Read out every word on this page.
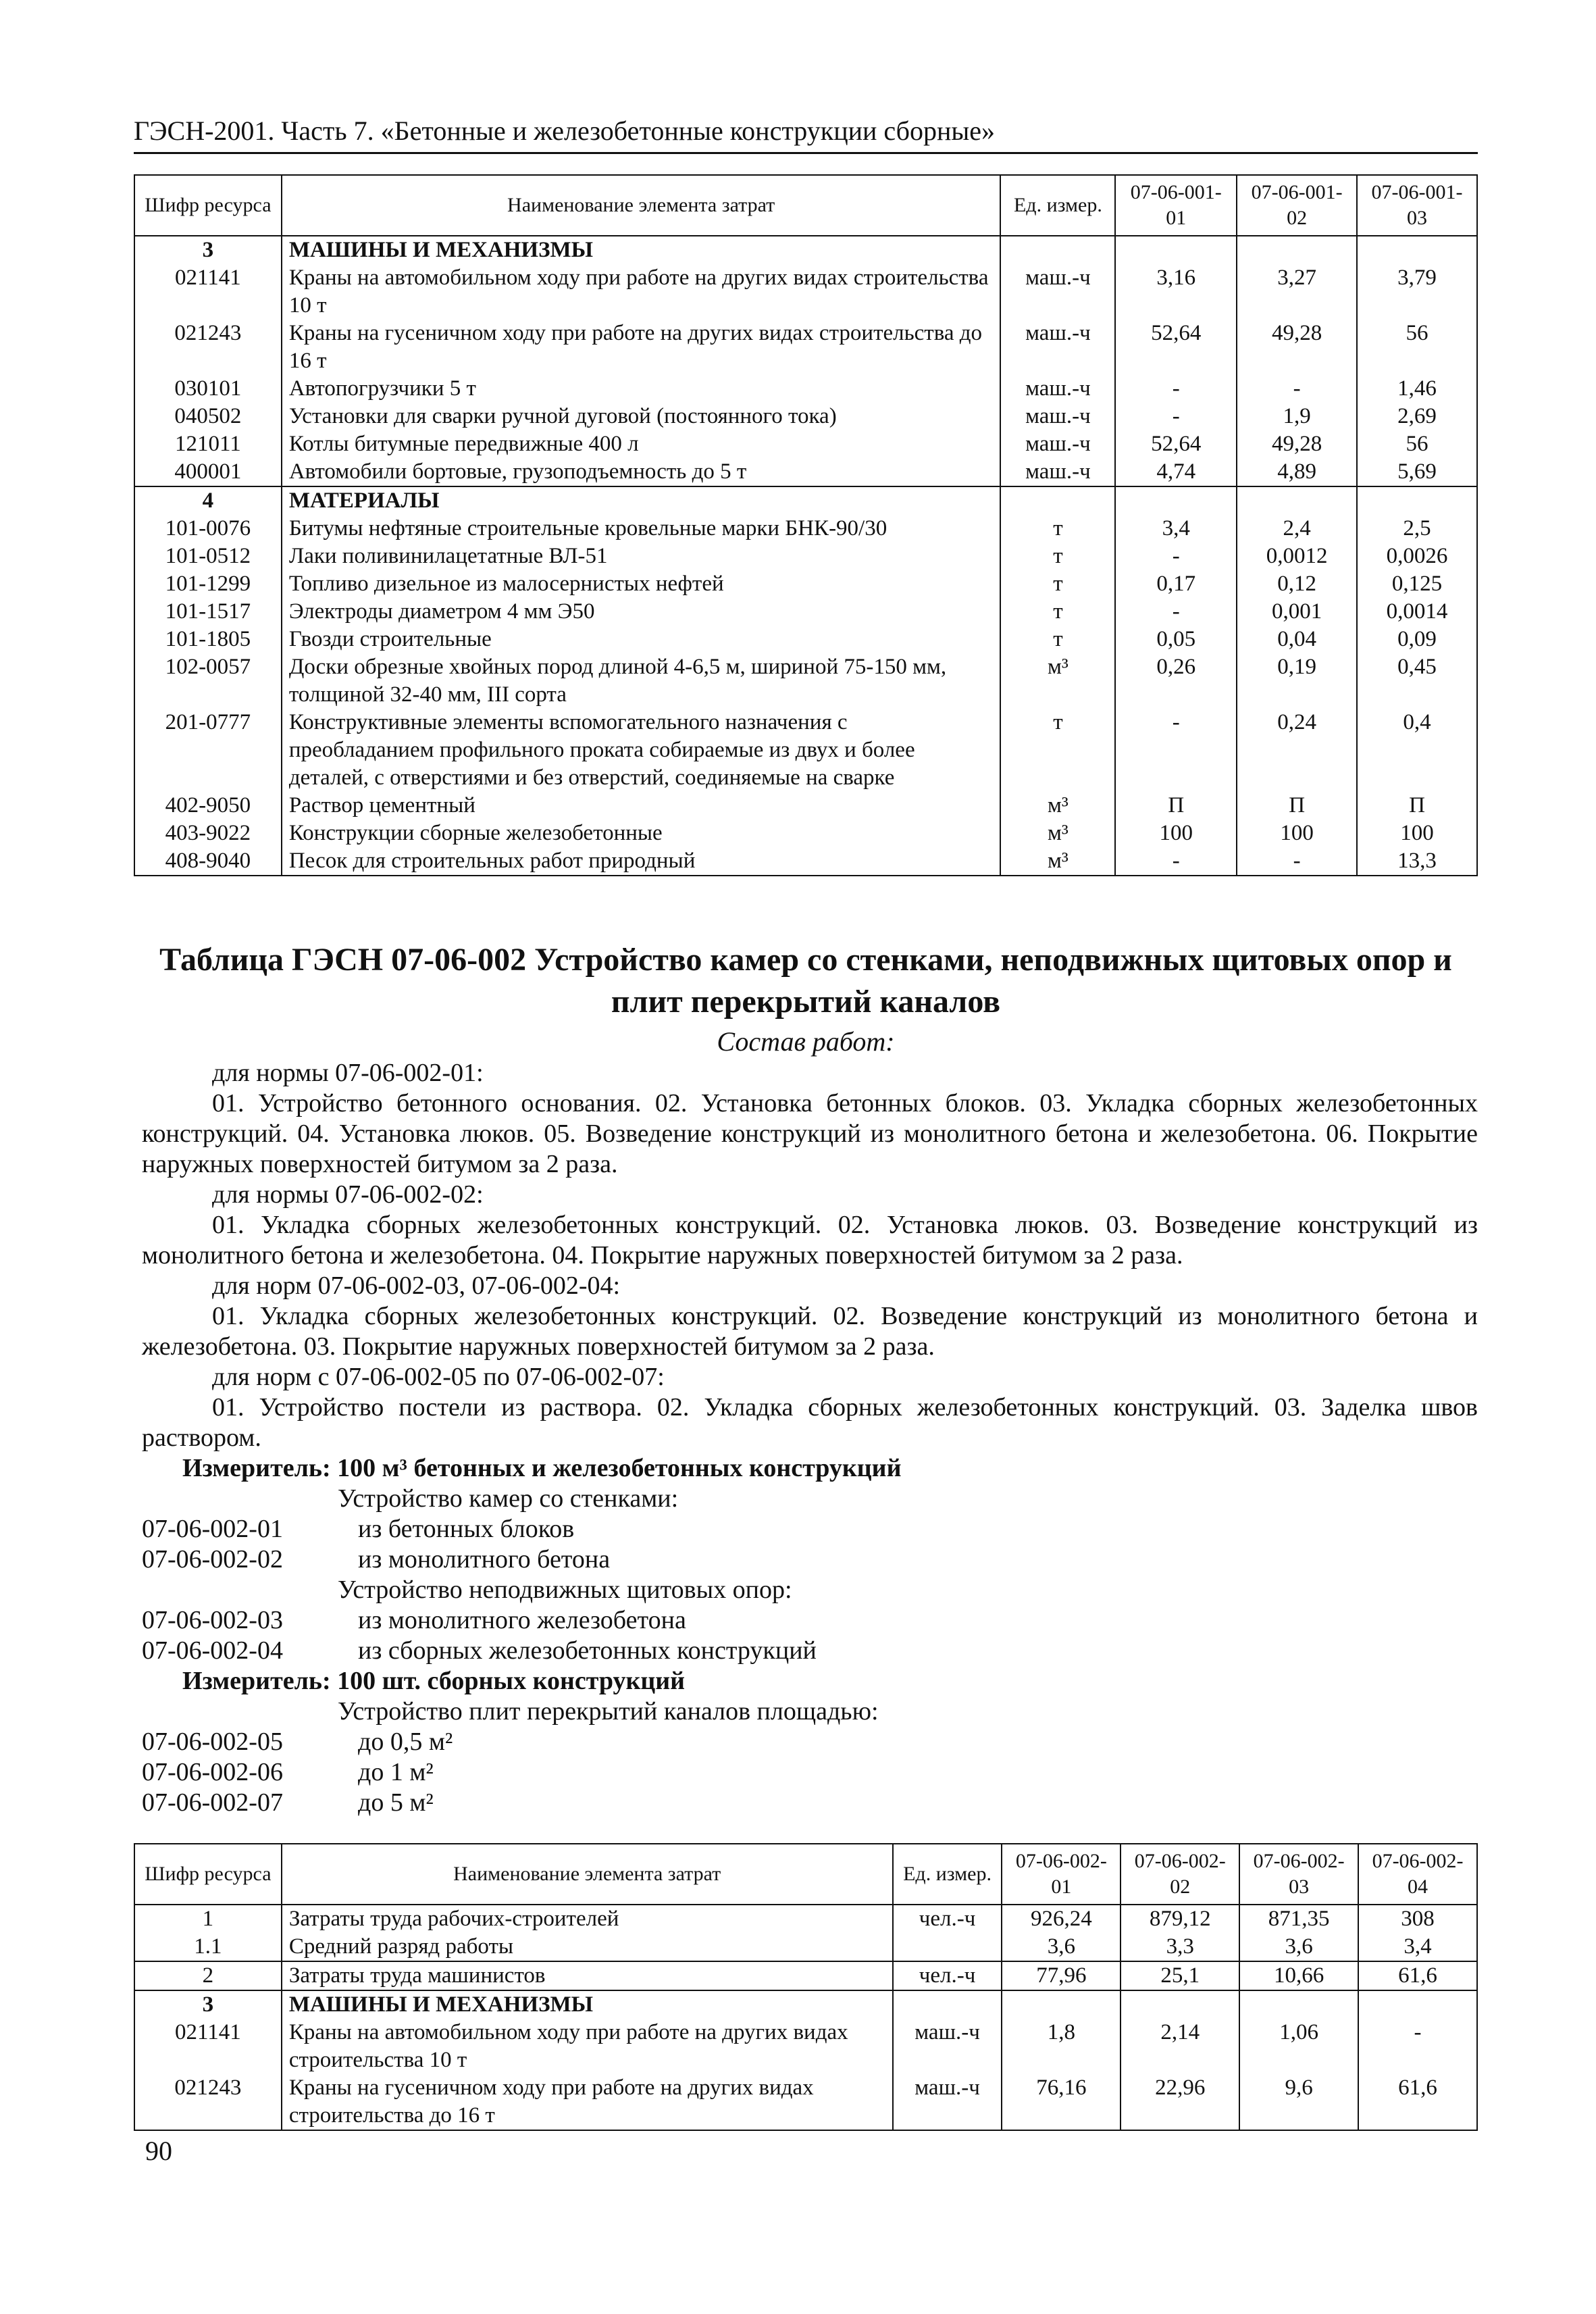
ГЭСН-2001. Часть 7. «Бетонные и железобетонные конструкции сборные»
Шифр ресурса	Наименование элемента затрат	Ед. измер.	07-06-001-01	07-06-001-02	07-06-001-03
3	МАШИНЫ И МЕХАНИЗМЫ				
021141	Краны на автомобильном ходу при работе на других видах строительства 10 т	маш.-ч	3,16	3,27	3,79
021243	Краны на гусеничном ходу при работе на других видах строительства до 16 т	маш.-ч	52,64	49,28	56
030101	Автопогрузчики 5 т	маш.-ч	-	-	1,46
040502	Установки для сварки ручной дуговой (постоянного тока)	маш.-ч	-	1,9	2,69
121011	Котлы битумные передвижные 400 л	маш.-ч	52,64	49,28	56
400001	Автомобили бортовые, грузоподъемность до 5 т	маш.-ч	4,74	4,89	5,69
4	МАТЕРИАЛЫ				
101-0076	Битумы нефтяные строительные кровельные марки БНК-90/30	т	3,4	2,4	2,5
101-0512	Лаки поливинилацетатные ВЛ-51	т	-	0,0012	0,0026
101-1299	Топливо дизельное из малосернистых нефтей	т	0,17	0,12	0,125
101-1517	Электроды диаметром 4 мм Э50	т	-	0,001	0,0014
101-1805	Гвозди строительные	т	0,05	0,04	0,09
102-0057	Доски обрезные хвойных пород длиной 4-6,5 м, шириной 75-150 мм, толщиной 32-40 мм, III сорта	м³	0,26	0,19	0,45
201-0777	Конструктивные элементы вспомогательного назначения с преобладанием профильного проката собираемые из двух и более деталей, с отверстиями и без отверстий, соединяемые на сварке	т	-	0,24	0,4
402-9050	Раствор цементный	м³	П	П	П
403-9022	Конструкции сборные железобетонные	м³	100	100	100
408-9040	Песок для строительных работ природный	м³	-	-	13,3
Таблица ГЭСН 07-06-002 Устройство камер со стенками, неподвижных щитовых опор и плит перекрытий каналов
Состав работ:

для нормы 07-06-002-01:

01. Устройство бетонного основания. 02. Установка бетонных блоков. 03. Укладка сборных железобетонных конструкций. 04. Установка люков. 05. Возведение конструкций из монолитного бетона и железобетона. 06. Покрытие наружных поверхностей битумом за 2 раза.

для нормы 07-06-002-02:

01. Укладка сборных железобетонных конструкций. 02. Установка люков. 03. Возведение конструкций из монолитного бетона и железобетона. 04. Покрытие наружных поверхностей битумом за 2 раза.

для норм 07-06-002-03, 07-06-002-04:

01. Укладка сборных железобетонных конструкций. 02. Возведение конструкций из монолитного бетона и железобетона. 03. Покрытие наружных поверхностей битумом за 2 раза.

для норм с 07-06-002-05 по 07-06-002-07:

01. Устройство постели из раствора. 02. Укладка сборных железобетонных конструкций. 03. Заделка швов раствором.

Измеритель: 100 м³ бетонных и железобетонных конструкций

Устройство камер со стенками:

07-06-002-01	из бетонных блоков
07-06-002-02	из монолитного бетона

Устройство неподвижных щитовых опор:

07-06-002-03	из монолитного железобетона
07-06-002-04	из сборных железобетонных конструкций

Измеритель: 100 шт. сборных конструкций

Устройство плит перекрытий каналов площадью:

07-06-002-05	до 0,5 м²
07-06-002-06	до 1 м²
07-06-002-07	до 5 м²
Шифр ресурса	Наименование элемента затрат	Ед. измер.	07-06-002-01	07-06-002-02	07-06-002-03	07-06-002-04
1	Затраты труда рабочих-строителей	чел.-ч	926,24	879,12	871,35	308
1.1	Средний разряд работы		3,6	3,3	3,6	3,4
2	Затраты труда машинистов	чел.-ч	77,96	25,1	10,66	61,6
3	МАШИНЫ И МЕХАНИЗМЫ					
021141	Краны на автомобильном ходу при работе на других видах строительства 10 т	маш.-ч	1,8	2,14	1,06	-
021243	Краны на гусеничном ходу при работе на других видах строительства до 16 т	маш.-ч	76,16	22,96	9,6	61,6
90
